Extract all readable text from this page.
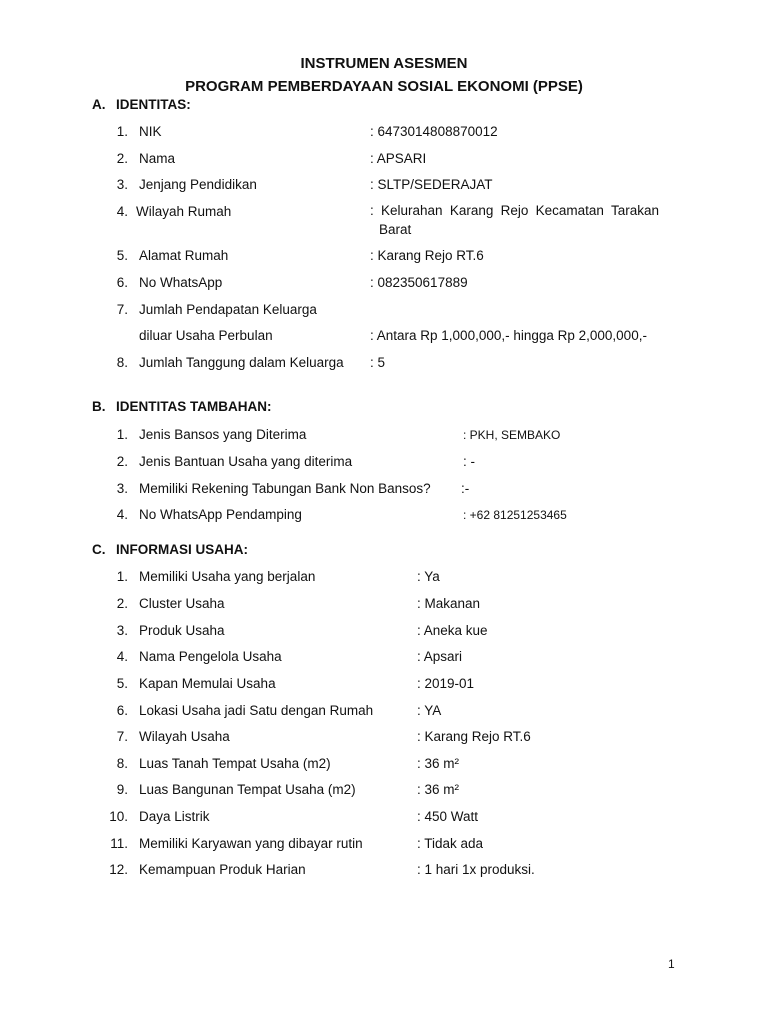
INSTRUMEN ASESMEN
PROGRAM PEMBERDAYAAN SOSIAL EKONOMI (PPSE)
A. IDENTITAS:
1. NIK	: 6473014808870012
2. Nama	: APSARI
3. Jenjang Pendidikan	: SLTP/SEDERAJAT
4. Wilayah Rumah	: Kelurahan Karang Rejo Kecamatan Tarakan
Barat
5. Alamat Rumah	: Karang Rejo RT.6
6. No WhatsApp	: 082350617889
7. Jumlah Pendapatan Keluarga
diluar Usaha Perbulan	: Antara Rp 1,000,000,- hingga Rp 2,000,000,-
8. Jumlah Tanggung dalam Keluarga : 5
B. IDENTITAS TAMBAHAN:
1. Jenis Bansos yang Diterima	: PKH, SEMBAKO
2. Jenis Bantuan Usaha yang diterima	: -
3. Memiliki Rekening Tabungan Bank Non Bansos? :-
4. No WhatsApp Pendamping	: +62 81251253465
C. INFORMASI USAHA:
1. Memiliki Usaha yang berjalan	: Ya
2. Cluster Usaha	: Makanan
3. Produk Usaha	: Aneka kue
4. Nama Pengelola Usaha	: Apsari
5. Kapan Memulai Usaha	: 2019-01
6. Lokasi Usaha jadi Satu dengan Rumah	: YA
7. Wilayah Usaha	: Karang Rejo RT.6
8. Luas Tanah Tempat Usaha (m2)	: 36 m²
9. Luas Bangunan Tempat Usaha (m2)	: 36 m²
10. Daya Listrik	: 450 Watt
11. Memiliki Karyawan yang dibayar rutin	: Tidak ada
12. Kemampuan Produk Harian	: 1 hari 1x produksi.
1
